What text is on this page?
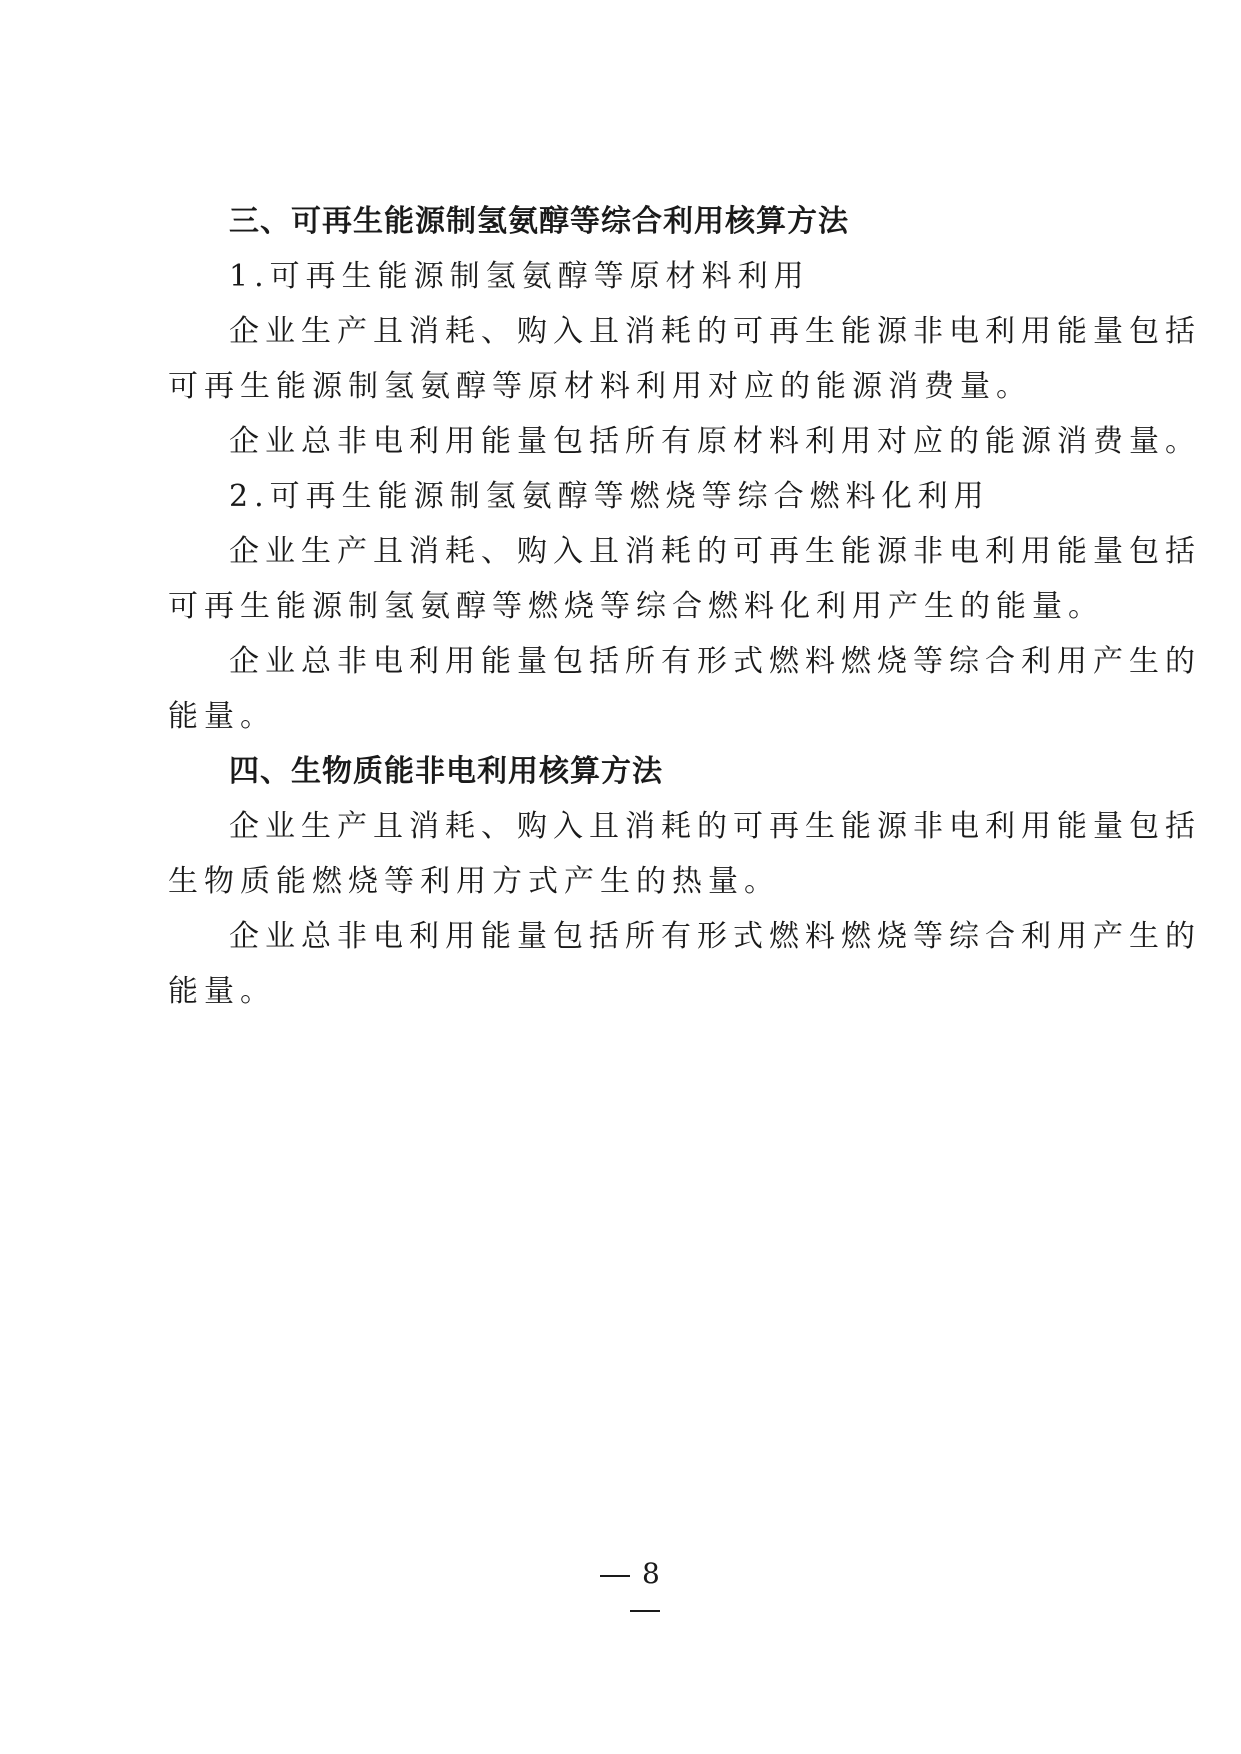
三、可再生能源制氢氨醇等综合利用核算方法
1.可再生能源制氢氨醇等原材料利用
企业生产且消耗、购入且消耗的可再生能源非电利用能量包括
可再生能源制氢氨醇等原材料利用对应的能源消费量。
企业总非电利用能量包括所有原材料利用对应的能源消费量。
2.可再生能源制氢氨醇等燃烧等综合燃料化利用
企业生产且消耗、购入且消耗的可再生能源非电利用能量包括
可再生能源制氢氨醇等燃烧等综合燃料化利用产生的能量。
企业总非电利用能量包括所有形式燃料燃烧等综合利用产生的
能量。
四、生物质能非电利用核算方法
企业生产且消耗、购入且消耗的可再生能源非电利用能量包括
生物质能燃烧等利用方式产生的热量。
企业总非电利用能量包括所有形式燃料燃烧等综合利用产生的
能量。
8
